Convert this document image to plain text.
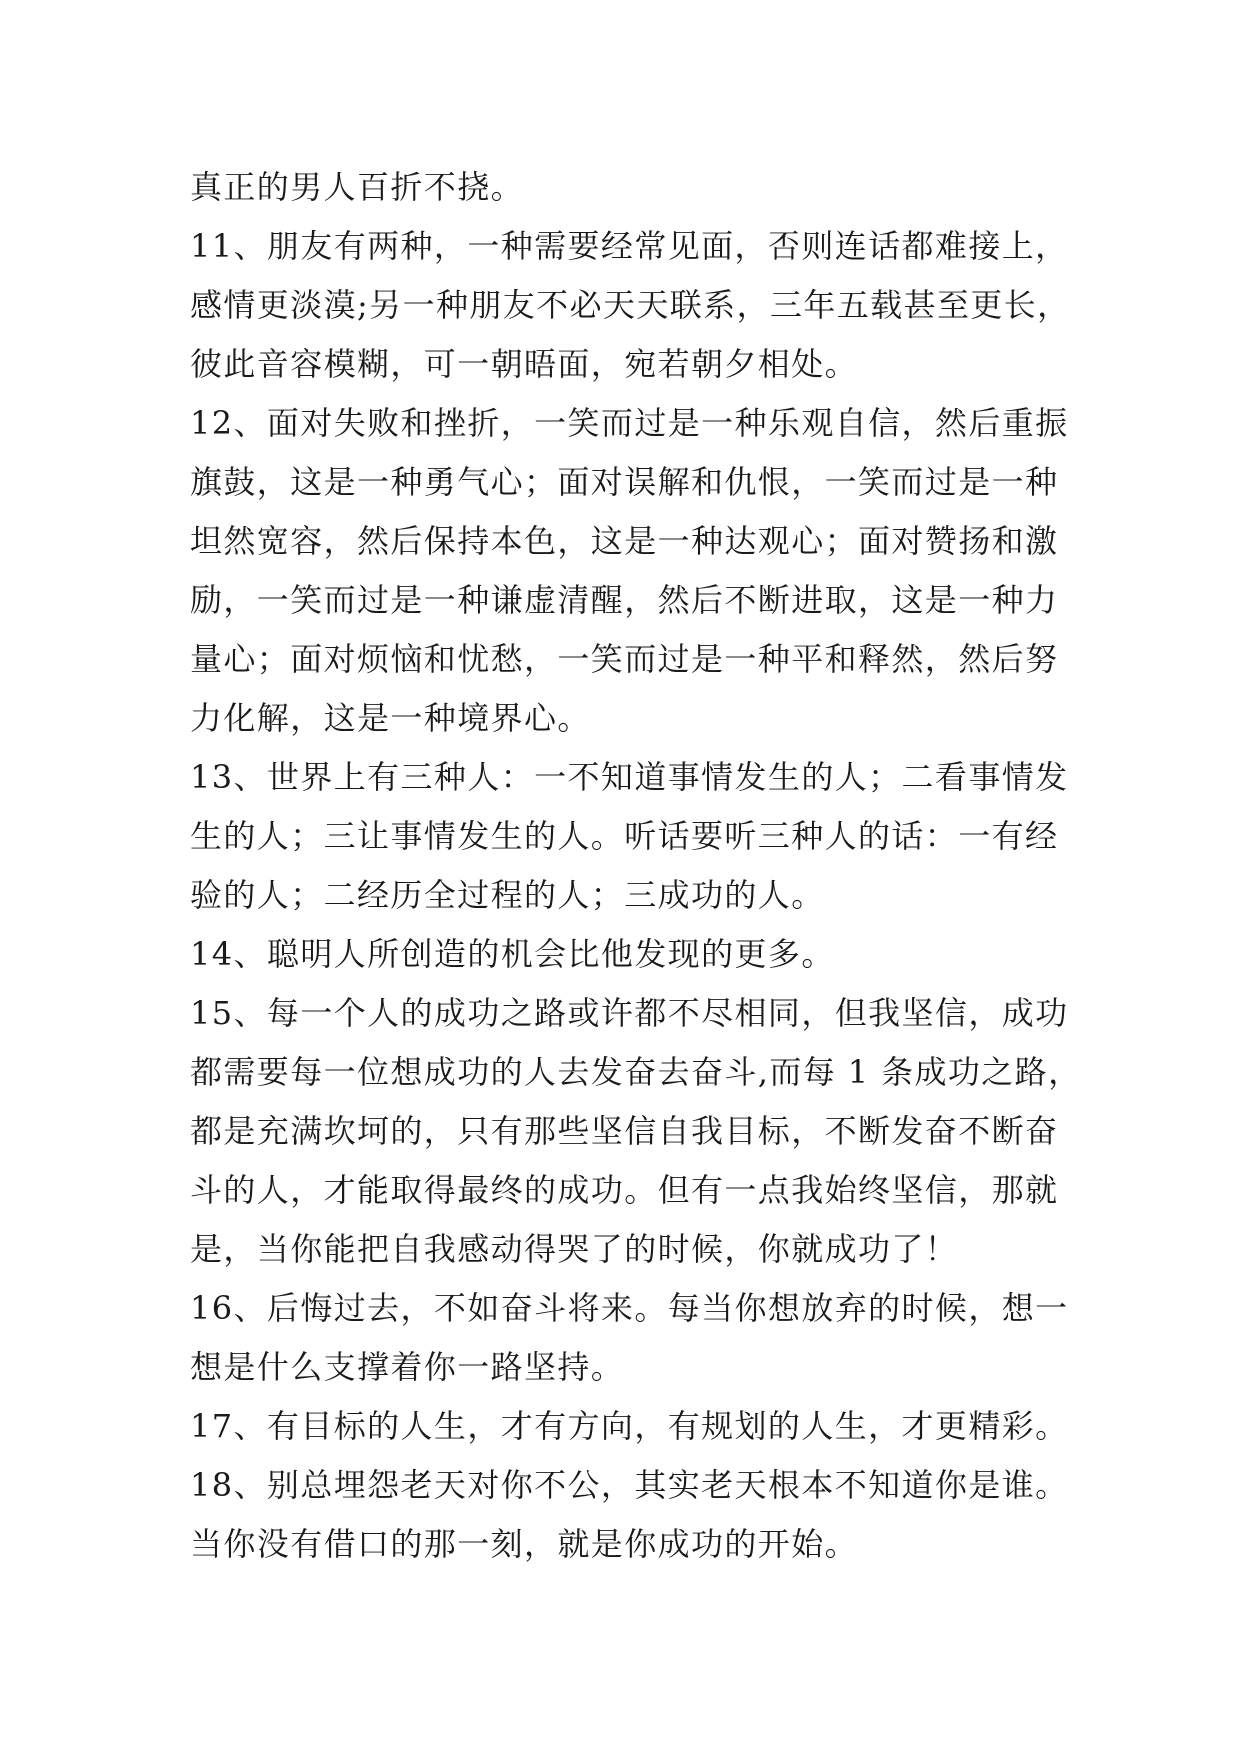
真正的男人百折不挠。
11、朋友有两种，一种需要经常见面，否则连话都难接上，
感情更淡漠;另一种朋友不必天天联系，三年五载甚至更长，
彼此音容模糊，可一朝晤面，宛若朝夕相处。
12、面对失败和挫折，一笑而过是一种乐观自信，然后重振
旗鼓，这是一种勇气心；面对误解和仇恨，一笑而过是一种
坦然宽容，然后保持本色，这是一种达观心；面对赞扬和激
励，一笑而过是一种谦虚清醒，然后不断进取，这是一种力
量心；面对烦恼和忧愁，一笑而过是一种平和释然，然后努
力化解，这是一种境界心。
13、世界上有三种人：一不知道事情发生的人；二看事情发
生的人；三让事情发生的人。听话要听三种人的话：一有经
验的人；二经历全过程的人；三成功的人。
14、聪明人所创造的机会比他发现的更多。
15、每一个人的成功之路或许都不尽相同，但我坚信，成功
都需要每一位想成功的人去发奋去奋斗,而每 1 条成功之路，
都是充满坎坷的，只有那些坚信自我目标，不断发奋不断奋
斗的人，才能取得最终的成功。但有一点我始终坚信，那就
是，当你能把自我感动得哭了的时候，你就成功了！
16、后悔过去，不如奋斗将来。每当你想放弃的时候，想一
想是什么支撑着你一路坚持。
17、有目标的人生，才有方向，有规划的人生，才更精彩。
18、别总埋怨老天对你不公，其实老天根本不知道你是谁。
当你没有借口的那一刻，就是你成功的开始。
